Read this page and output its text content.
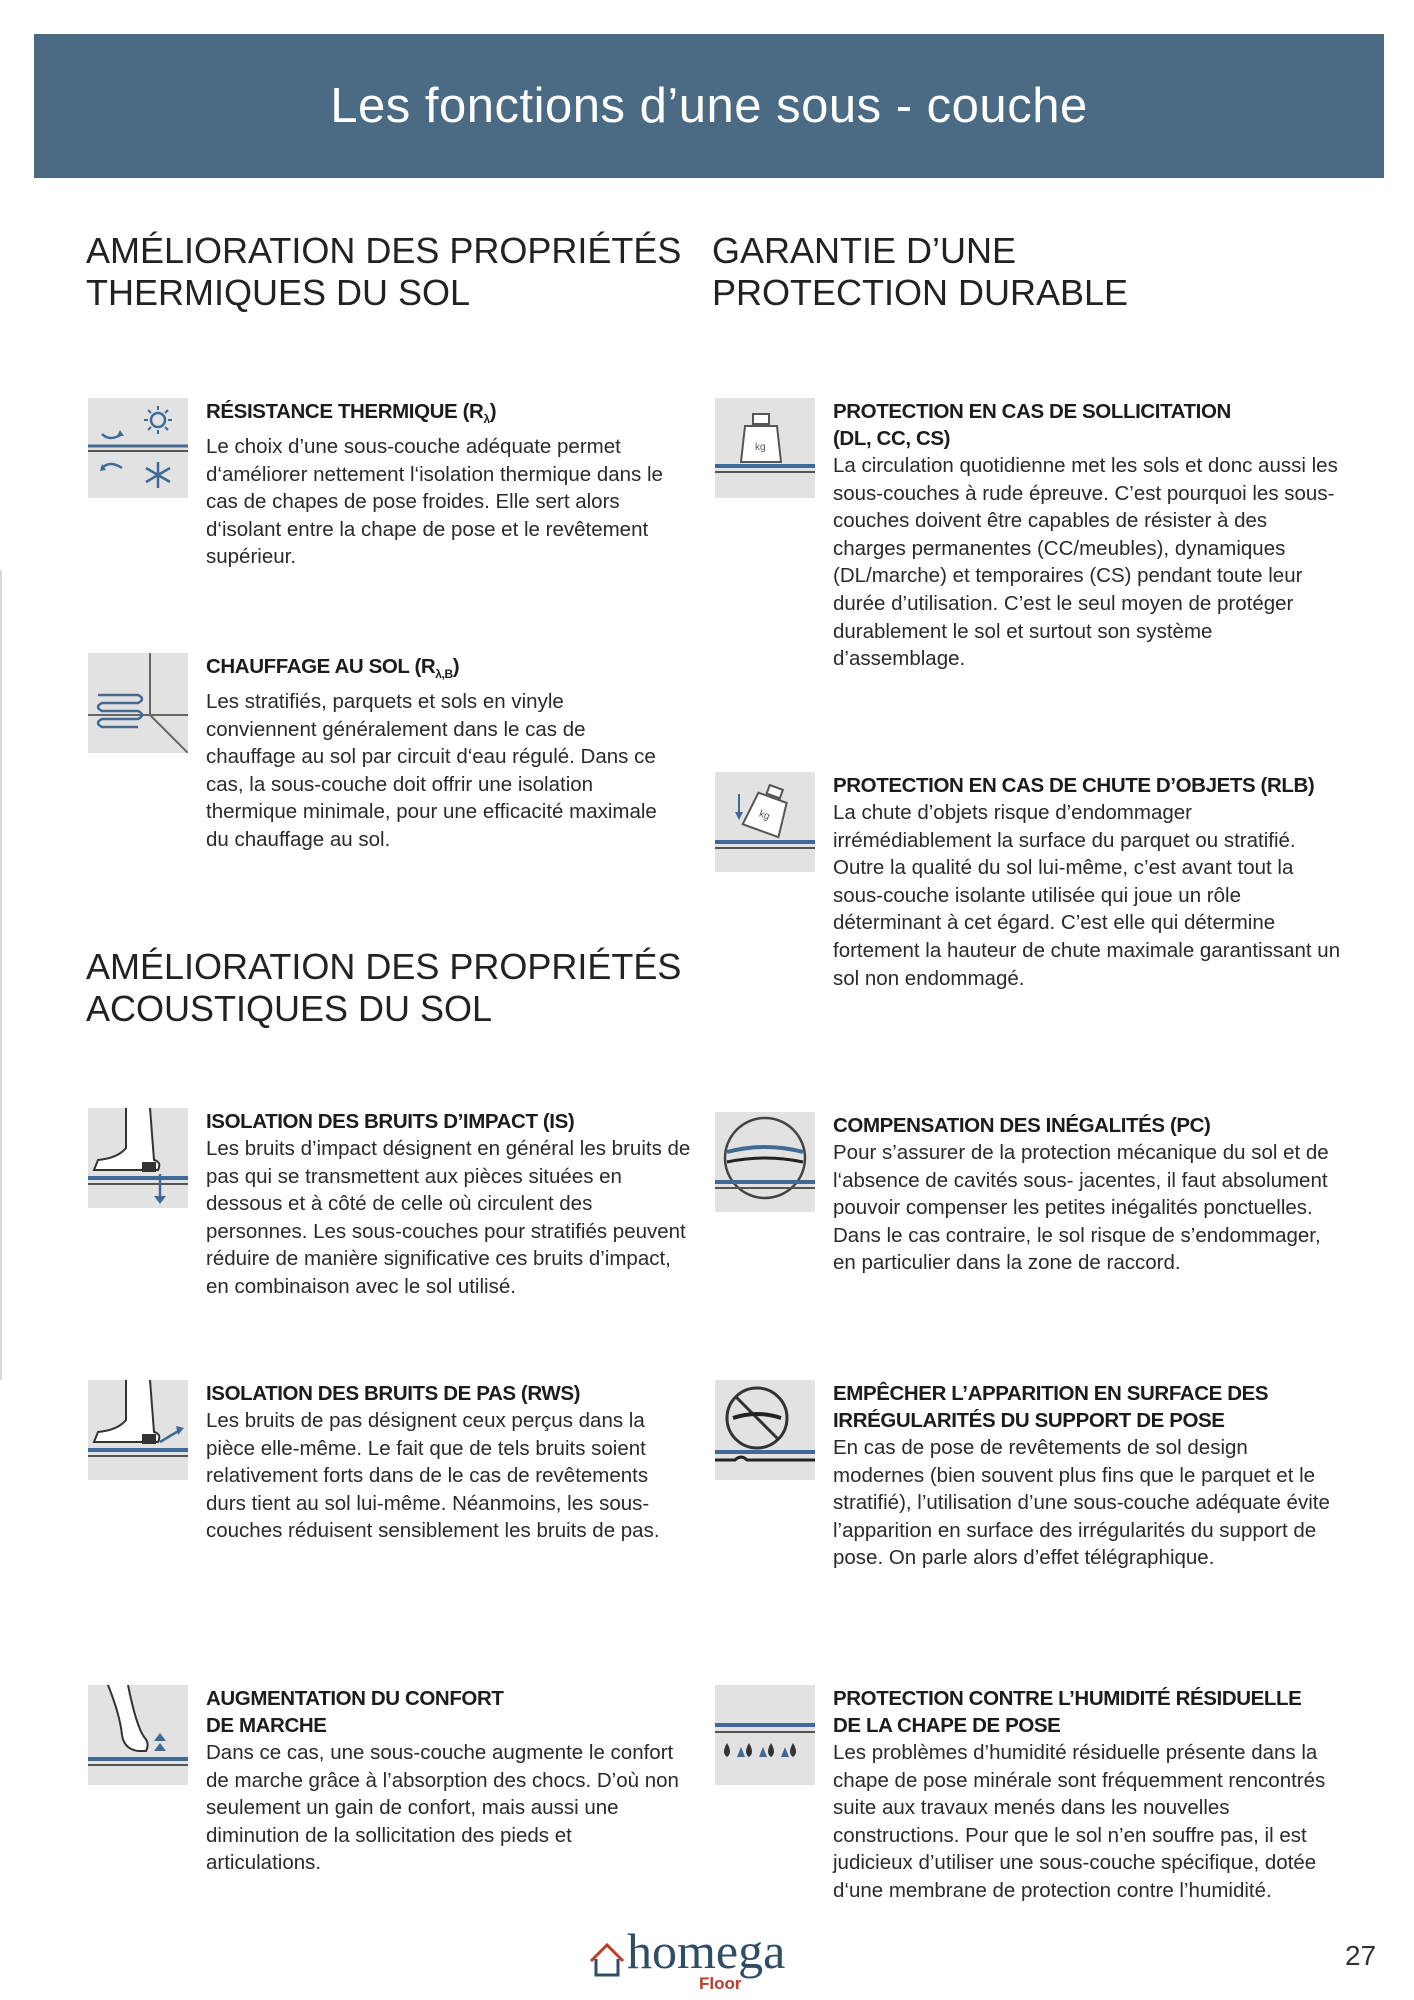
Les fonctions d’une sous - couche
AMÉLIORATION DES PROPRIÉTÉS
THERMIQUES DU SOL
GARANTIE D’UNE
PROTECTION DURABLE
AMÉLIORATION DES PROPRIÉTÉS
ACOUSTIQUES DU SOL
RÉSISTANCE THERMIQUE $(R_\lambda)$

Le choix d’une sous-couche adéquate permet d‘améliorer nettement l‘isolation thermique dans le cas de chapes de pose froides. Elle sert alors d‘isolant entre la chape de pose et le revêtement supérieur.

CHAUFFAGE AU SOL $(R_{\lambda,B})$

Les stratifiés, parquets et sols en vinyle conviennent généralement dans le cas de chauffage au sol par circuit d‘eau régulé. Dans ce cas, la sous-couche doit offrir une isolation thermique minimale, pour une efficacité maximale du chauffage au sol.

ISOLATION DES BRUITS D’IMPACT (IS)

Les bruits d’impact désignent en général les bruits de pas qui se transmettent aux pièces situées en dessous et à côté de celle où circulent des personnes. Les sous-couches pour stratifiés peuvent réduire de manière significative ces bruits d’impact, en combinaison avec le sol utilisé.

ISOLATION DES BRUITS DE PAS (RWS)

Les bruits de pas désignent ceux perçus dans la pièce elle-même. Le fait que de tels bruits soient relativement forts dans de le cas de revêtements durs tient au sol lui-même. Néanmoins, les sous-couches réduisent sensiblement les bruits de pas.

AUGMENTATION DU CONFORT
DE MARCHE

Dans ce cas, une sous-couche augmente le confort de marche grâce à l’absorption des chocs. D’où non seulement un gain de confort, mais aussi une diminution de la sollicitation des pieds et articulations.

kg
PROTECTION EN CAS DE SOLLICITATION
(DL, CC, CS)

La circulation quotidienne met les sols et donc aussi les sous-couches à rude épreuve. C’est pourquoi les sous-couches doivent être capables de résister à des charges permanentes (CC/meubles), dynamiques (DL/marche) et temporaires (CS) pendant toute leur durée d’utilisation. C’est le seul moyen de protéger durablement le sol et surtout son système d’assemblage.

kg
PROTECTION EN CAS DE CHUTE D’OBJETS (RLB)

La chute d’objets risque d’endommager irrémédiablement la surface du parquet ou stratifié. Outre la qualité du sol lui-même, c’est avant tout la sous-couche isolante utilisée qui joue un rôle déterminant à cet égard. C’est elle qui détermine fortement la hauteur de chute maximale garantissant un sol non endommagé.

COMPENSATION DES INÉGALITÉS (PC)

Pour s’assurer de la protection mécanique du sol et de l‘absence de cavités sous- jacentes, il faut absolument pouvoir compenser les petites inégalités ponctuelles. Dans le cas contraire, le sol risque de s’endommager, en particulier dans la zone de raccord.

EMPÊCHER L’APPARITION EN SURFACE DES
IRRÉGULARITÉS DU SUPPORT DE POSE

En cas de pose de revêtements de sol design modernes (bien souvent plus fins que le parquet et le stratifié), l’utilisation d’une sous-couche adéquate évite l’apparition en surface des irrégularités du support de pose. On parle alors d’effet télégraphique.

PROTECTION CONTRE L’HUMIDITÉ RÉSIDUELLE
DE LA CHAPE DE POSE

Les problèmes d’humidité résiduelle présente dans la chape de pose minérale sont fréquemment rencontrés suite aux travaux menés dans les nouvelles constructions. Pour que le sol n’en souffre pas, il est judicieux d’utiliser une sous-couche spécifique, dotée d‘une membrane de protection contre l’humidité.

homega
Floor
27
